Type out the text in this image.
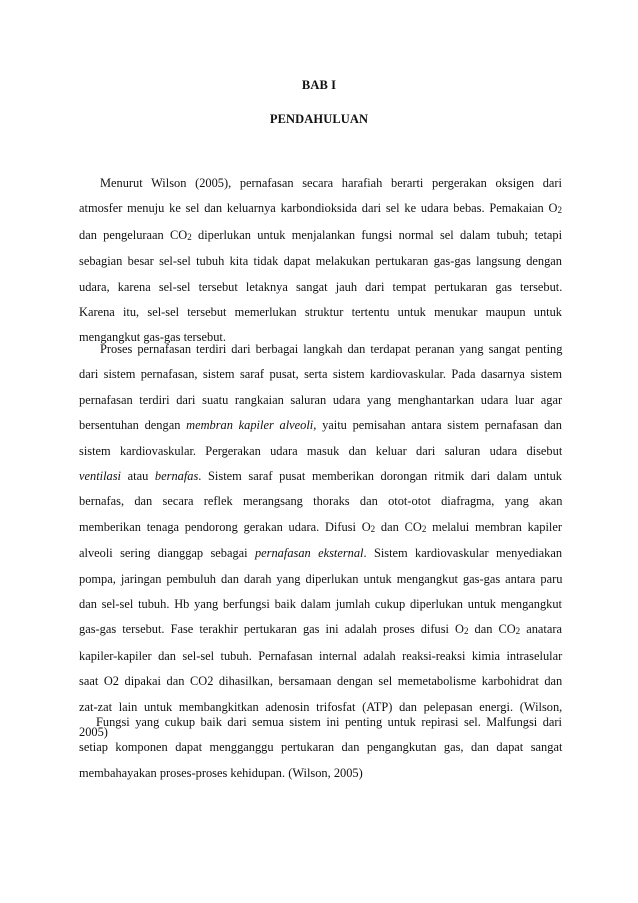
BAB I
PENDAHULUAN
Menurut Wilson (2005), pernafasan secara harafiah berarti pergerakan oksigen dari
atmosfer menuju ke sel dan keluarnya karbondioksida dari sel ke udara bebas. Pemakaian $O_2$
dan pengeluraan $CO_2$ diperlukan untuk menjalankan fungsi normal sel dalam tubuh; tetapi
sebagian besar sel-sel tubuh kita tidak dapat melakukan pertukaran gas-gas langsung dengan
udara, karena sel-sel tersebut letaknya sangat jauh dari tempat pertukaran gas tersebut.
Karena itu, sel-sel tersebut memerlukan struktur tertentu untuk menukar maupun untuk
mengangkut gas-gas tersebut.
Proses pernafasan terdiri dari berbagai langkah dan terdapat peranan yang sangat penting
dari sistem pernafasan, sistem saraf pusat, serta sistem kardiovaskular. Pada dasarnya sistem
pernafasan terdiri dari suatu rangkaian saluran udara yang menghantarkan udara luar agar
bersentuhan dengan membran kapiler alveoli, yaitu pemisahan antara sistem pernafasan dan
sistem kardiovaskular. Pergerakan udara masuk dan keluar dari saluran udara disebut
ventilasi atau bernafas. Sistem saraf pusat memberikan dorongan ritmik dari dalam untuk
bernafas, dan secara reflek merangsang thoraks dan otot-otot diafragma, yang akan
memberikan tenaga pendorong gerakan udara. Difusi $O_2$ dan $CO_2$ melalui membran kapiler
alveoli sering dianggap sebagai pernafasan eksternal. Sistem kardiovaskular menyediakan
pompa, jaringan pembuluh dan darah yang diperlukan untuk mengangkut gas-gas antara paru
dan sel-sel tubuh. Hb yang berfungsi baik dalam jumlah cukup diperlukan untuk mengangkut
gas-gas tersebut. Fase terakhir pertukaran gas ini adalah proses difusi $O_2$ dan $CO_2$ anatara
kapiler-kapiler dan sel-sel tubuh. Pernafasan internal adalah reaksi-reaksi kimia intraselular
saat O2 dipakai dan CO2 dihasilkan, bersamaan dengan sel memetabolisme karbohidrat dan
zat-zat lain untuk membangkitkan adenosin trifosfat (ATP) dan pelepasan energi. (Wilson,
2005)
Fungsi yang cukup baik dari semua sistem ini penting untuk repirasi sel. Malfungsi dari
setiap komponen dapat mengganggu pertukaran dan pengangkutan gas, dan dapat sangat
membahayakan proses-proses kehidupan. (Wilson, 2005)
